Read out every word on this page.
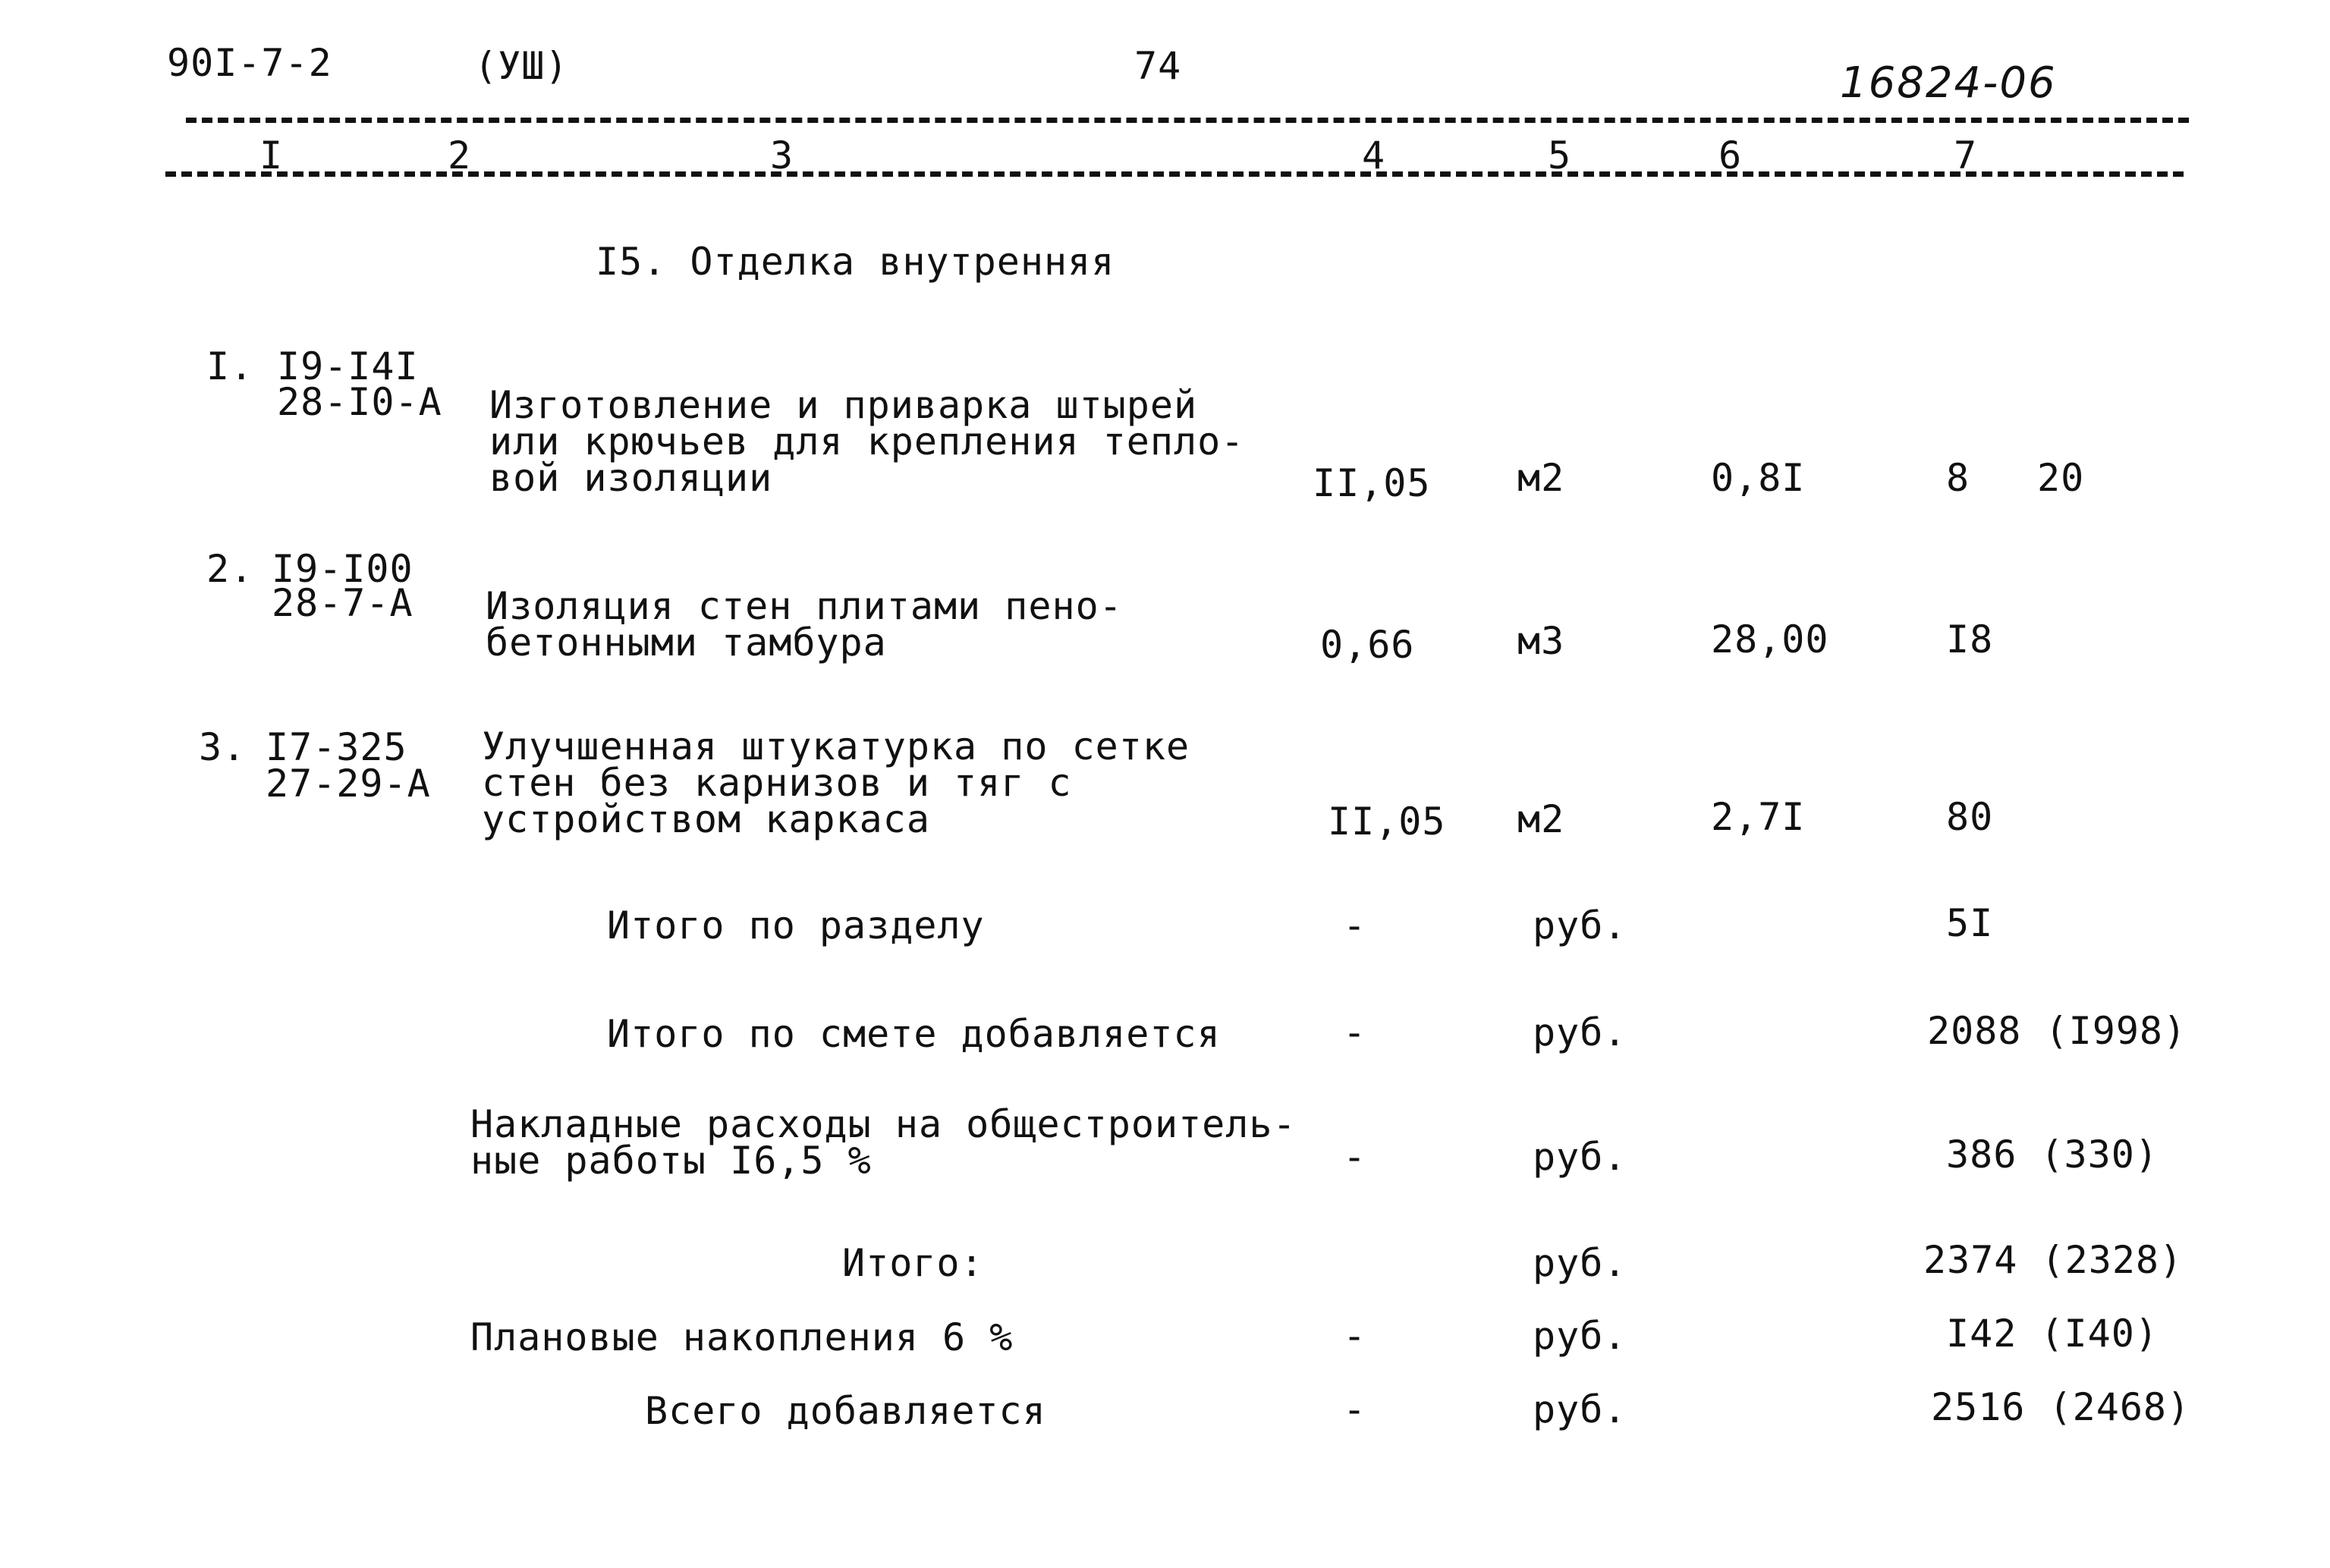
90I-7-2	(УШ)	74	16824-06
I	2	3	4	5	6	7
I5. Отделка внутренняя
I. I9-I4I
28-I0-A Изготовление и приварка штырей
или крючьев для крепления тепло-
вой изоляции	II,05 м2	0,8I	8 20
2. I9-I00
28-7-A Изоляция стен плитами пено-
бетонными тамбура	0,66	м3	28,00	I8
3. I7-325
27-29-A
Улучшенная штукатурка по сетке
стен без карнизов и тяг с
устройством каркаса	II,05 м2	2,7I	80
Итого по разделу	-	руб.	5I
Итого по смете добавляется	-	руб.	2088 (I998)
Накладные расходы на общестроитель-
ные работы I6,5 %	-	руб.	386 (330)
Итого:	руб.	2374 (2328)
Плановые накопления 6 %	-	руб.	I42 (I40)
Всего добавляется	-	руб.	2516 (2468)
